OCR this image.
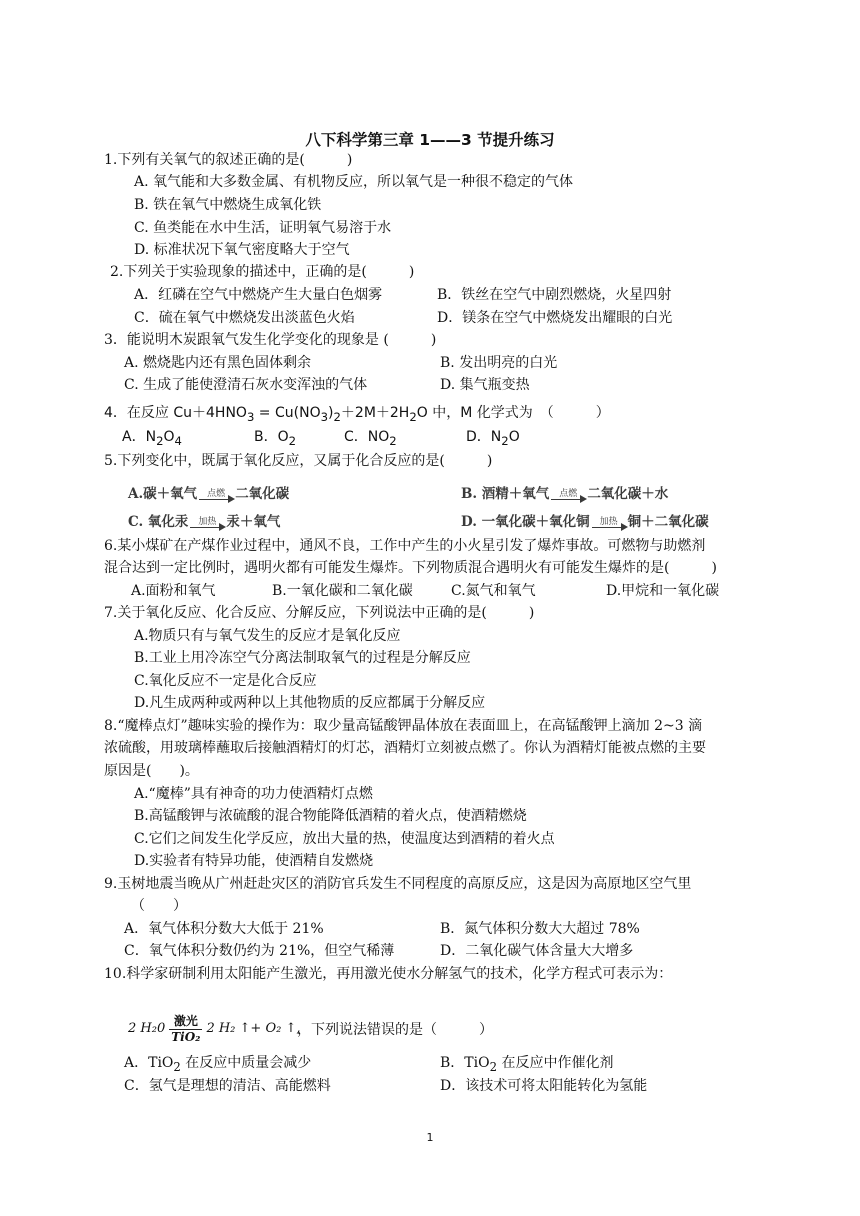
八下科学第三章 1——3 节提升练习
1.下列有关氧气的叙述正确的是(　　　)
A. 氧气能和大多数金属、有机物反应，所以氧气是一种很不稳定的气体
B. 铁在氧气中燃烧生成氧化铁
C. 鱼类能在水中生活，证明氧气易溶于水
D. 标准状况下氧气密度略大于空气
2.下列关于实验现象的描述中，正确的是(　　　)
A．红磷在空气中燃烧产生大量白色烟雾	B．铁丝在空气中剧烈燃烧，火星四射
C．硫在氧气中燃烧发出淡蓝色火焰	D．镁条在空气中燃烧发出耀眼的白光
3．能说明木炭跟氧气发生化学变化的现象是 (　　　)
A. 燃烧匙内还有黑色固体剩余	B. 发出明亮的白光
C. 生成了能使澄清石灰水变浑浊的气体	D. 集气瓶变热
4．在反应 $Cu+4HNO_3 = Cu(NO_3)_2+2M+2H_2O$ 中，M 化学式为　（　　　）
A．$N_2O_4$	B．$O_2$	C．$NO_2$	D．$N_2O$
5.下列变化中，既属于氧化反应，又属于化合反应的是(　　　)
A.碳＋氧气	点燃 二氧化碳	B. 酒精＋氧气	点燃 二氧化碳＋水
C. 氧化汞	加热 汞＋氧气	D. 一氧化碳＋氧化铜	加热 铜＋二氧化碳
6.某小煤矿在产煤作业过程中，通风不良，工作中产生的小火星引发了爆炸事故。可燃物与助燃剂
混合达到一定比例时，遇明火都有可能发生爆炸。下列物质混合遇明火有可能发生爆炸的是(　　　)
A.面粉和氧气	B.一氧化碳和二氧化碳	C.氮气和氧气	D.甲烷和一氧化碳
7.关于氧化反应、化合反应、分解反应，下列说法中正确的是(　　　)
A.物质只有与氧气发生的反应才是氧化反应
B.工业上用冷冻空气分离法制取氧气的过程是分解反应
C.氧化反应不一定是化合反应
D.凡生成两种或两种以上其他物质的反应都属于分解反应
8.“魔棒点灯”趣味实验的操作为：取少量高锰酸钾晶体放在表面皿上，在高锰酸钾上滴加 2~3 滴
浓硫酸，用玻璃棒蘸取后接触酒精灯的灯芯，酒精灯立刻被点燃了。你认为酒精灯能被点燃的主要
原因是(　　)。
A.“魔棒”具有神奇的功力使酒精灯点燃
B.高锰酸钾与浓硫酸的混合物能降低酒精的着火点，使酒精燃烧
C.它们之间发生化学反应，放出大量的热，使温度达到酒精的着火点
D.实验者有特异功能，使酒精自发燃烧
9.玉树地震当晚从广州赶赴灾区的消防官兵发生不同程度的高原反应，这是因为高原地区空气里
（　　）
A．氧气体积分数大大低于 21%	B．氮气体积分数大大超过 78%
C．氧气体积分数仍约为 21%，但空气稀薄	D．二氧化碳气体含量大大增多
10.科学家研制利用太阳能产生激光，再用激光使水分解氢气的技术，化学方程式可表示为：
2 $H_20 \frac{\text{激光}}{\text{TiO₂}} 2$ H₂ ↑+ O₂ ↑,
，下列说法错误的是（　　　）
A．TiO$_2$ 在反应中质量会减少	B．TiO$_2$ 在反应中作催化剂
C．氢气是理想的清洁、高能燃料	D．该技术可将太阳能转化为氢能
1
